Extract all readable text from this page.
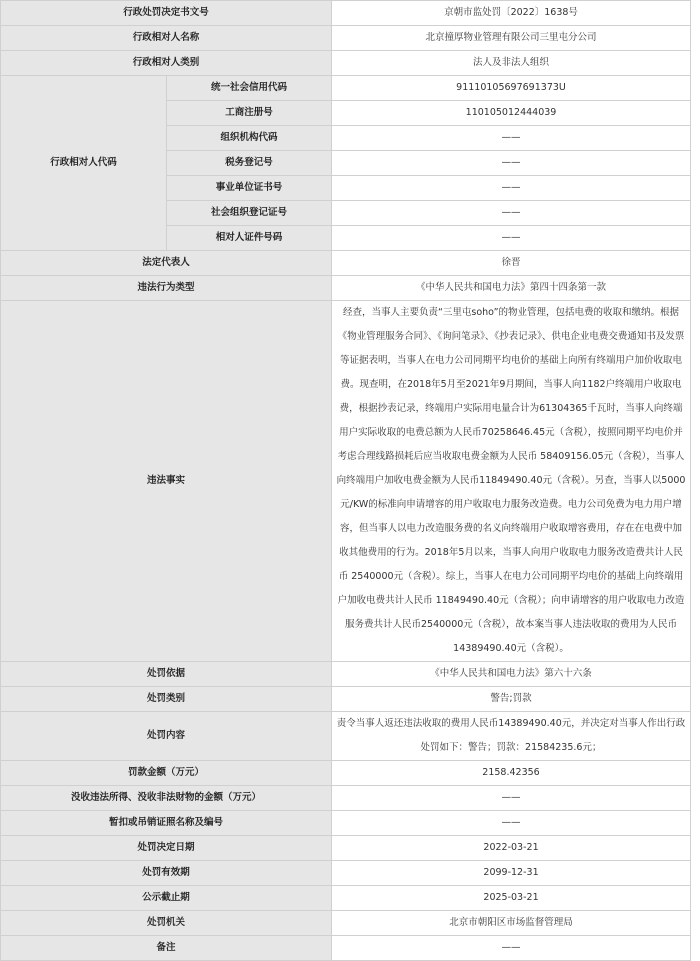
行政处罚决定书文号		京朝市监处罚〔2022〕1638号
行政相对人名称		北京撞厚物业管理有限公司三里屯分公司
行政相对人类别		法人及非法人组织
行政相对人代码	统一社会信用代码	91110105697691373U
	工商注册号	110105012444039
	组织机构代码	——
	税务登记号	——
	事业单位证书号	——
	社会组织登记证号	——
	相对人证件号码	——
法定代表人		徐晋
违法行为类型		《中华人民共和国电力法》第四十四条第一款
违法事实		经查，当事人主要负责“三里屯soho”的物业管理，包括电费的收取和缴纳。根据《物业管理服务合同》、《询问笔录》、《抄表记录》、供电企业电费交费通知书及发票等证据表明，当事人在电力公司同期平均电价的基础上向所有终端用户加价收取电费。现查明，在2018年5月至2021年9月期间，当事人向1182户终端用户收取电费，根据抄表记录，终端用户实际用电量合计为61304365千瓦时，当事人向终端用户实际收取的电费总额为人民币70258646.45元（含税），按照同期平均电价并考虑合理线路损耗后应当收取电费金额为人民币 58409156.05元（含税），当事人向终端用户加收电费金额为人民币11849490.40元（含税）。另查，当事人以5000元/KW的标准向申请增容的用户收取电力服务改造费。电力公司免费为电力用户增容，但当事人以电力改造服务费的名义向终端用户收取增容费用，存在在电费中加收其他费用的行为。2018年5月以来，当事人向用户收取电力服务改造费共计人民币 2540000元（含税）。综上，当事人在电力公司同期平均电价的基础上向终端用户加收电费共计人民币 11849490.40元（含税）；向申请增容的用户收取电力改造服务费共计人民币2540000元（含税），故本案当事人违法收取的费用为人民币14389490.40元（含税）。
处罚依据		《中华人民共和国电力法》第六十六条
处罚类别		警告;罚款
处罚内容		责令当事人返还违法收取的费用人民币14389490.40元，并决定对当事人作出行政处罚如下：警告；罚款：21584235.6元；
罚款金额（万元）		2158.42356
没收违法所得、没收非法财物的金额（万元）		——
暂扣或吊销证照名称及编号		——
处罚决定日期		2022-03-21
处罚有效期		2099-12-31
公示截止期		2025-03-21
处罚机关		北京市朝阳区市场监督管理局
备注		——
